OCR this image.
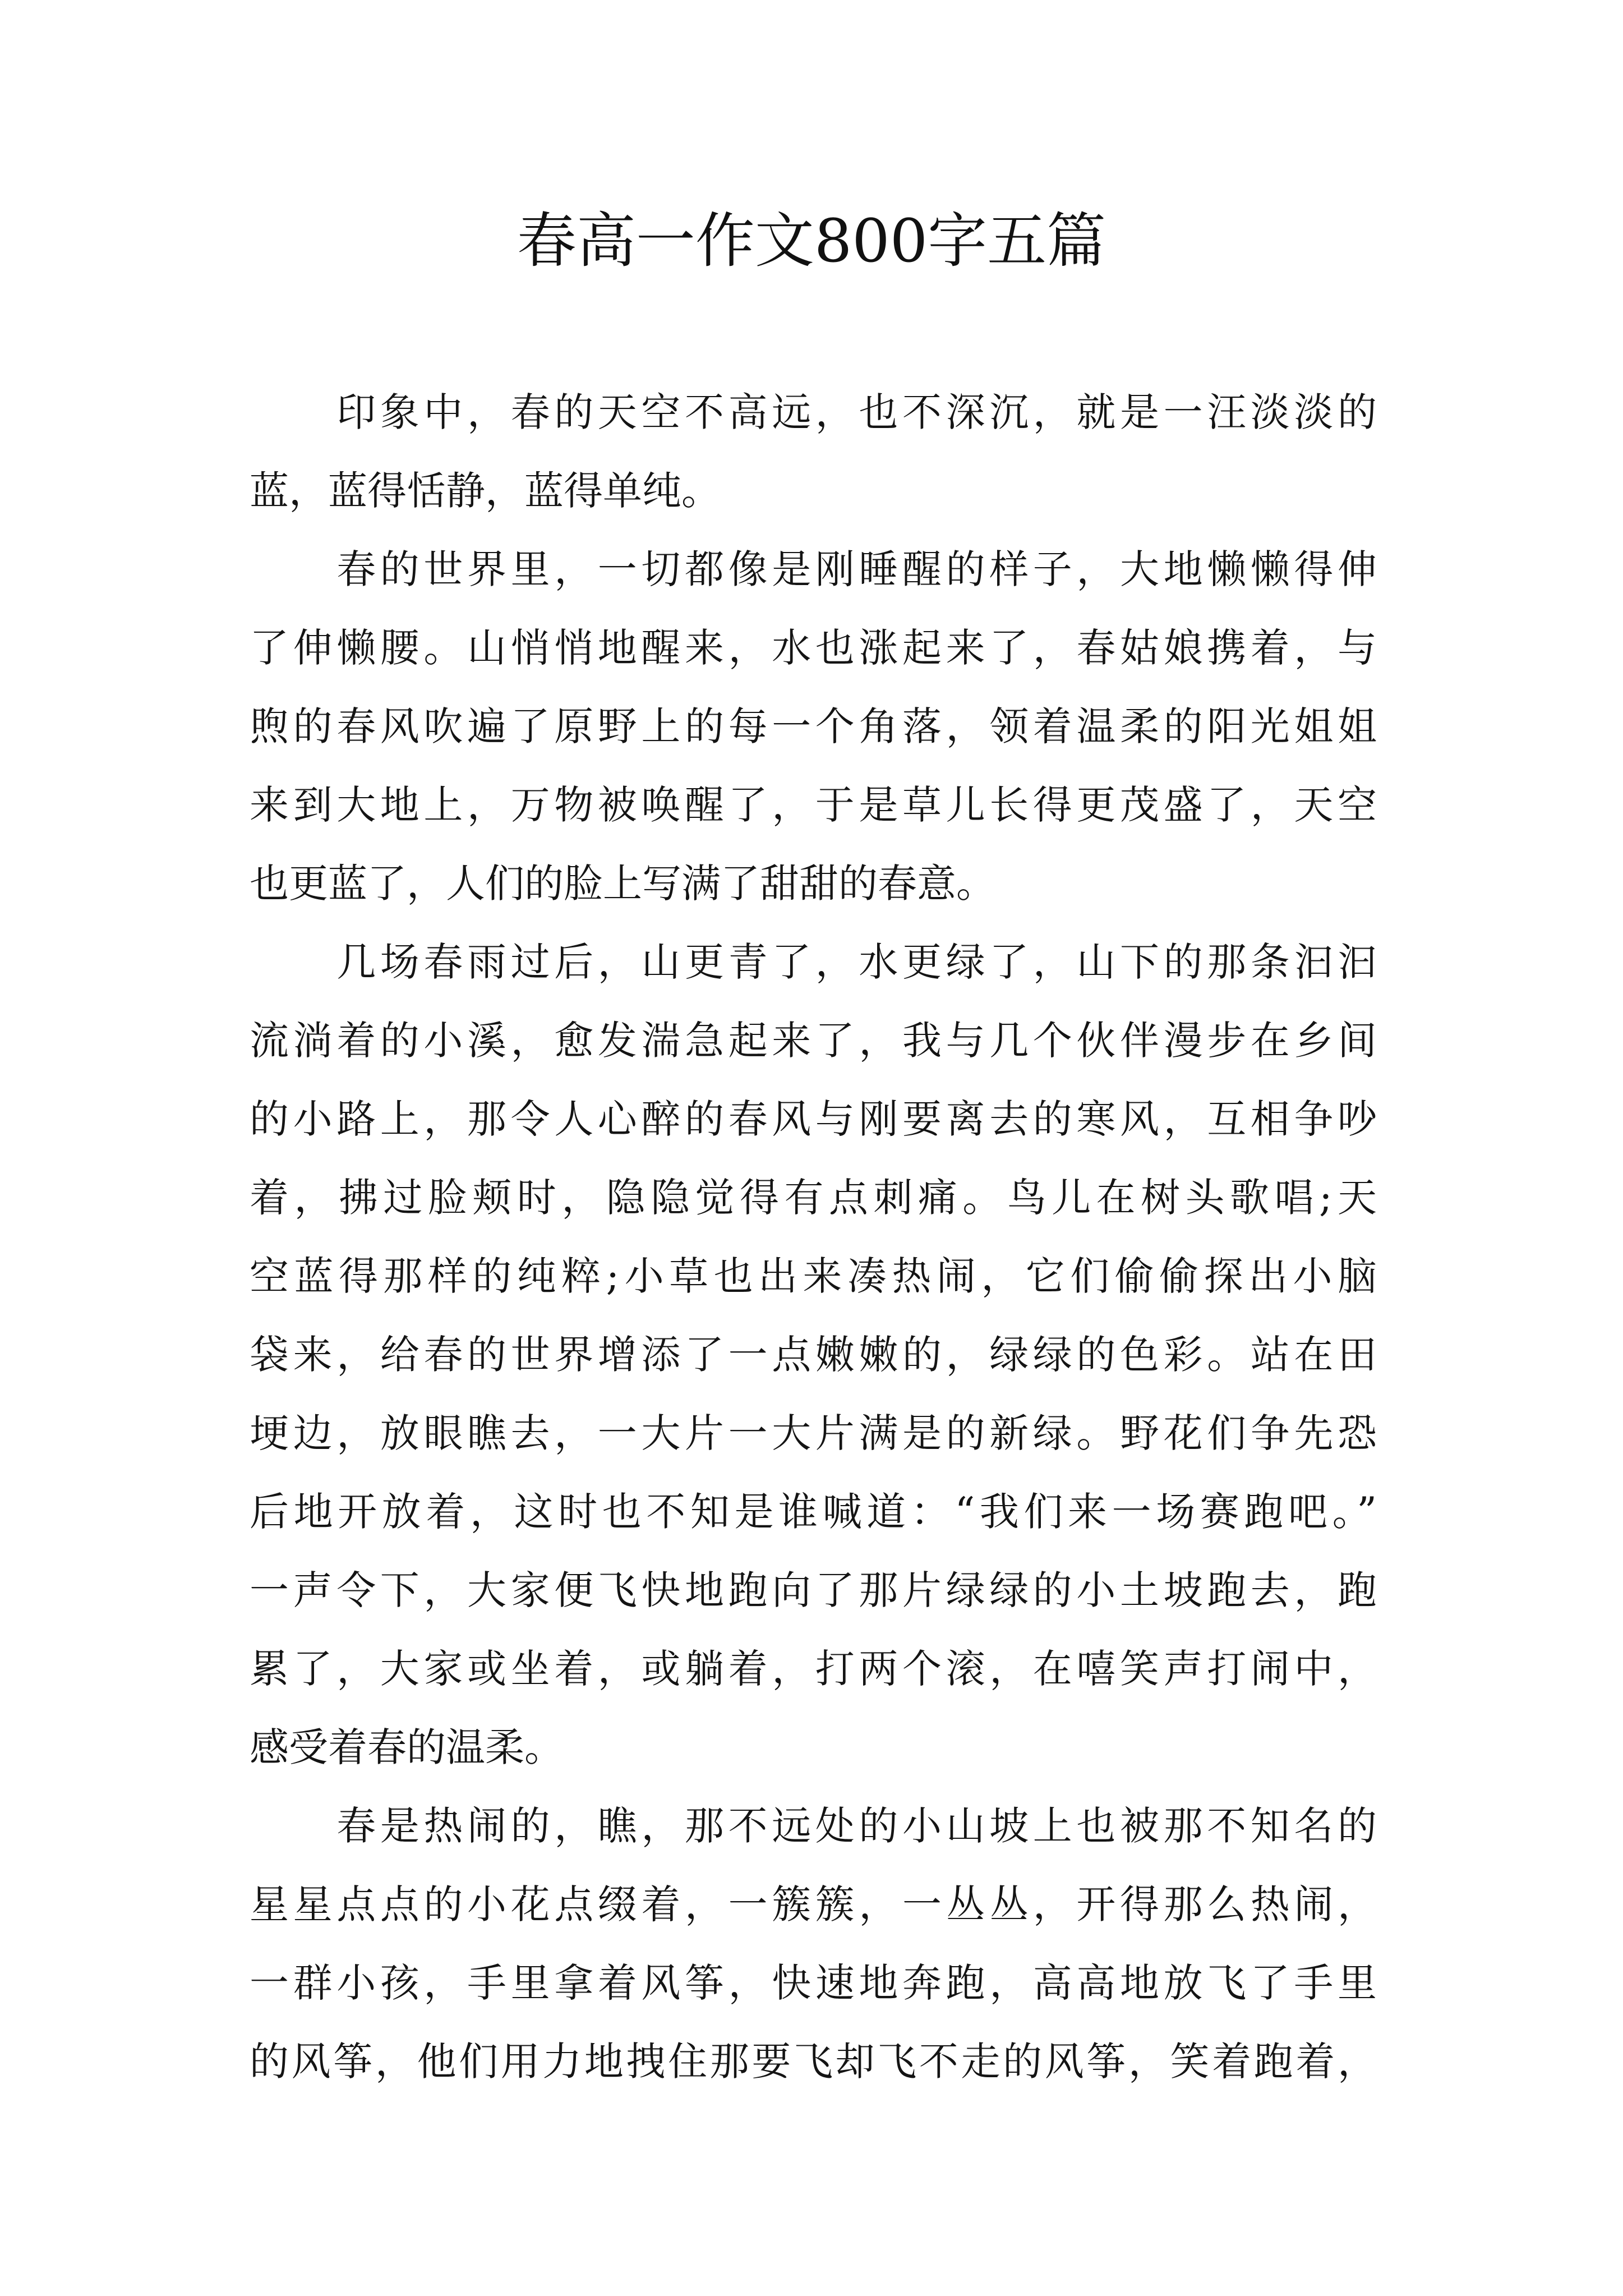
春高一作文800字五篇

　　印象中，春的天空不高远，也不深沉，就是一汪淡淡的

蓝，蓝得恬静，蓝得单纯。

　　春的世界里，一切都像是刚睡醒的样子，大地懒懒得伸

了伸懒腰。山悄悄地醒来，水也涨起来了，春姑娘携着，与

煦的春风吹遍了原野上的每一个角落，领着温柔的阳光姐姐

来到大地上，万物被唤醒了，于是草儿长得更茂盛了，天空

也更蓝了，人们的脸上写满了甜甜的春意。

　　几场春雨过后，山更青了，水更绿了，山下的那条汩汩

流淌着的小溪，愈发湍急起来了，我与几个伙伴漫步在乡间

的小路上，那令人心醉的春风与刚要离去的寒风，互相争吵

着，拂过脸颊时，隐隐觉得有点刺痛。鸟儿在树头歌唱;天

空蓝得那样的纯粹;小草也出来凑热闹，它们偷偷探出小脑

袋来，给春的世界增添了一点嫩嫩的，绿绿的色彩。站在田

埂边，放眼瞧去，一大片一大片满是的新绿。野花们争先恐

后地开放着，这时也不知是谁喊道：“我们来一场赛跑吧。”

一声令下，大家便飞快地跑向了那片绿绿的小土坡跑去，跑

累了，大家或坐着，或躺着，打两个滚，在嘻笑声打闹中，

感受着春的温柔。

　　春是热闹的，瞧，那不远处的小山坡上也被那不知名的

星星点点的小花点缀着，一簇簇，一丛丛，开得那么热闹，

一群小孩，手里拿着风筝，快速地奔跑，高高地放飞了手里

的风筝，他们用力地拽住那要飞却飞不走的风筝，笑着跑着，
